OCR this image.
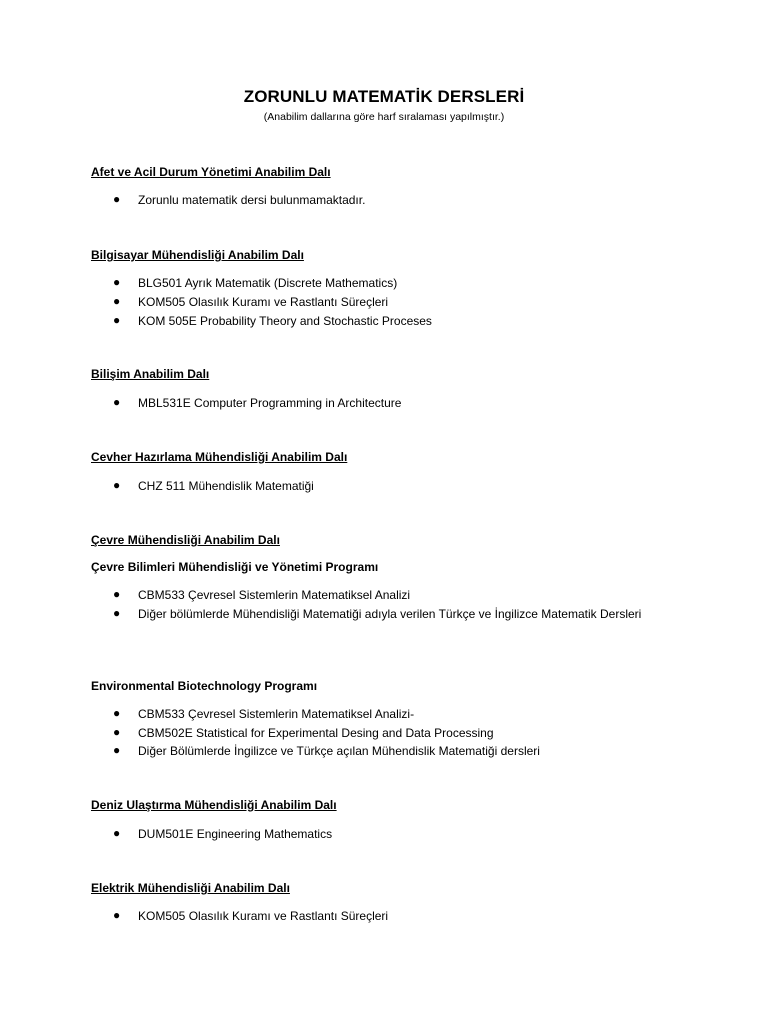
ZORUNLU MATEMATİK DERSLERİ
(Anabilim dallarına göre harf sıralaması yapılmıştır.)
Afet ve Acil Durum Yönetimi Anabilim Dalı
● Zorunlu matematik dersi bulunmamaktadır.
Bilgisayar Mühendisliği Anabilim Dalı
● BLG501 Ayrık Matematik (Discrete Mathematics)
● KOM505 Olasılık Kuramı ve Rastlantı Süreçleri
● KOM 505E Probability Theory and Stochastic Proceses
Bilişim Anabilim Dalı
● MBL531E Computer Programming in Architecture
Cevher Hazırlama Mühendisliği Anabilim Dalı
● CHZ 511 Mühendislik Matematiği
Çevre Mühendisliği Anabilim Dalı
Çevre Bilimleri Mühendisliği ve Yönetimi Programı
● CBM533 Çevresel Sistemlerin Matematiksel Analizi
● Diğer bölümlerde Mühendisliği Matematiği adıyla verilen Türkçe ve İngilizce Matematik Dersleri
Environmental Biotechnology Programı
● CBM533 Çevresel Sistemlerin Matematiksel Analizi-
● CBM502E Statistical for Experimental Desing and Data Processing
● Diğer Bölümlerde İngilizce ve Türkçe açılan Mühendislik Matematiği dersleri
Deniz Ulaştırma Mühendisliği Anabilim Dalı
● DUM501E Engineering Mathematics
Elektrik Mühendisliği Anabilim Dalı
● KOM505 Olasılık Kuramı ve Rastlantı Süreçleri
